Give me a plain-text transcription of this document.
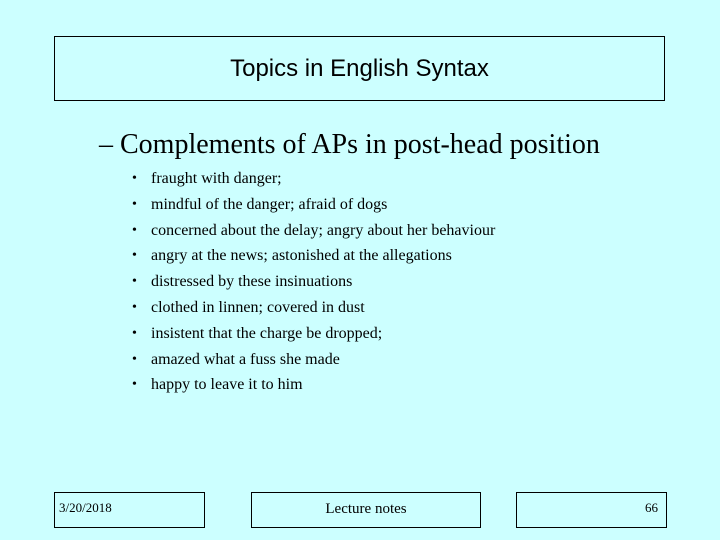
Topics in English Syntax
– Complements of APs in post-head position
• fraught with danger;
• mindful of the danger; afraid of dogs
• concerned about the delay; angry about her behaviour
• angry at the news; astonished at the allegations
• distressed by these insinuations
• clothed in linnen; covered in dust
• insistent that the charge be dropped;
• amazed what a fuss she made
• happy to leave it to him
3/20/2018	Lecture notes	66
